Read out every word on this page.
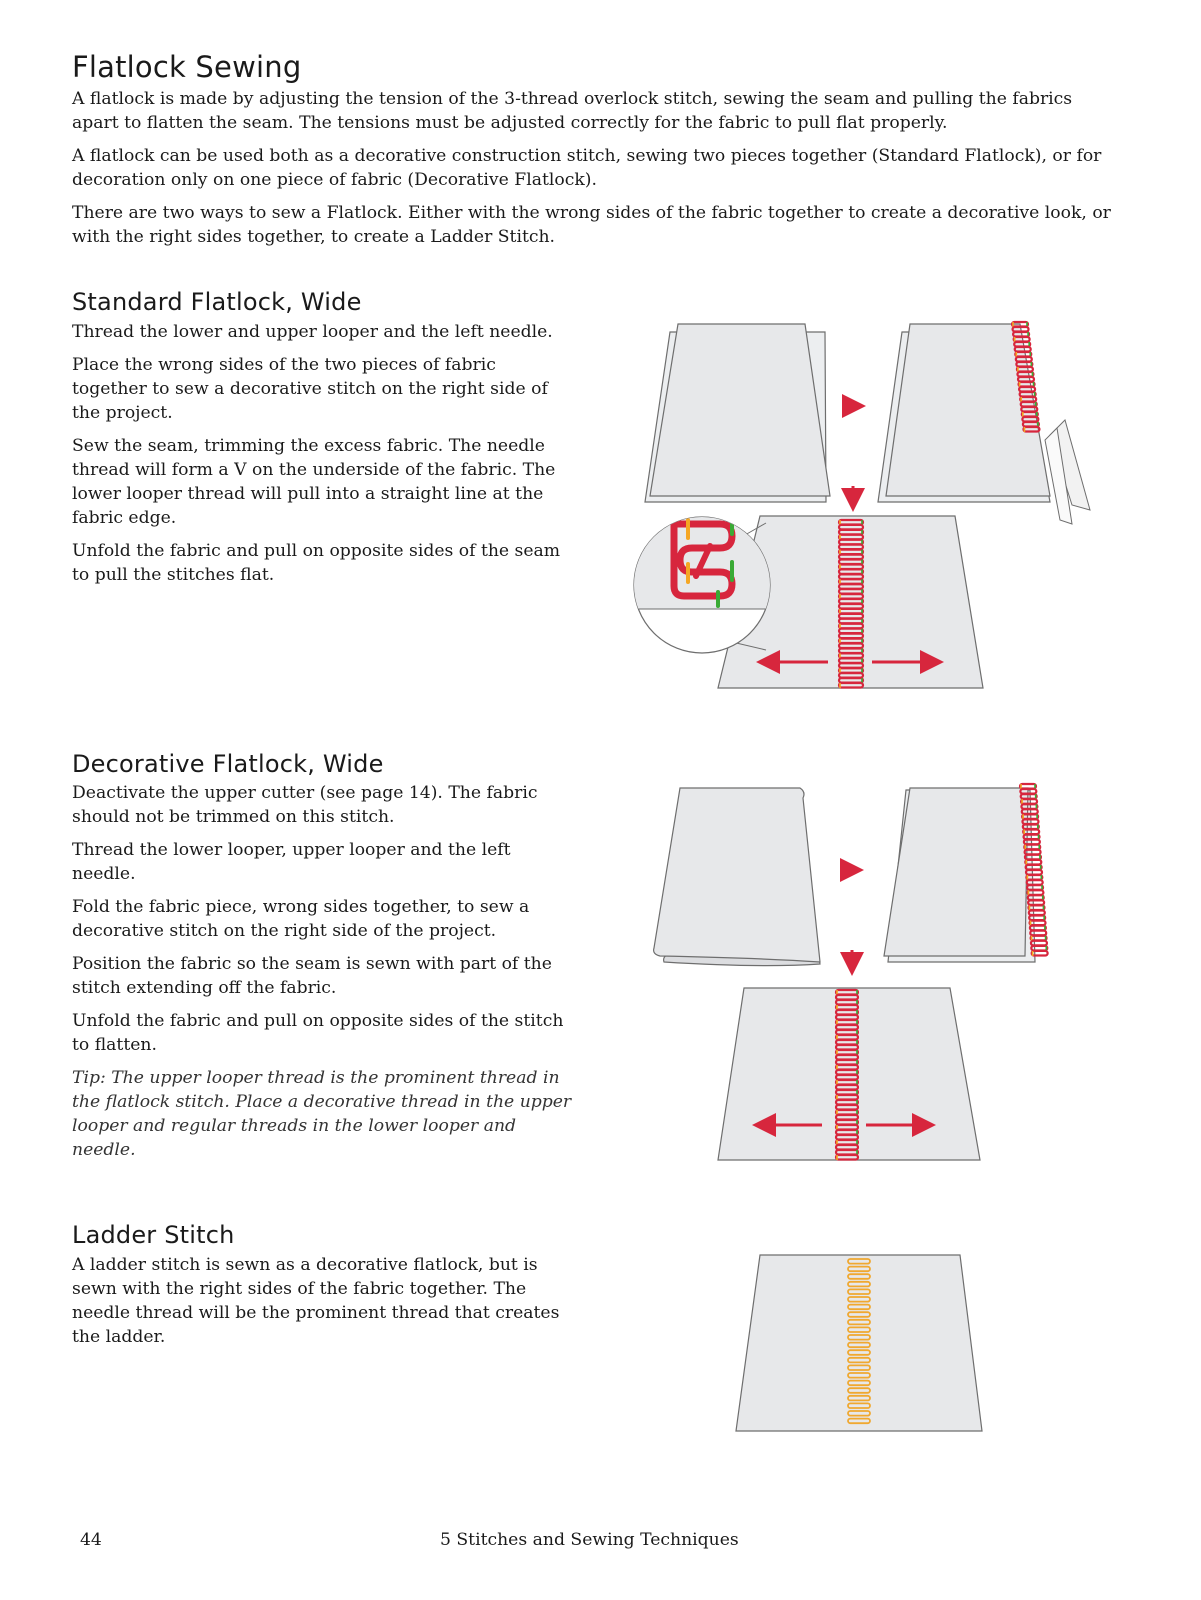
Flatlock Sewing

A flatlock is made by adjusting the tension of the 3-thread overlock stitch, sewing the seam and pulling the fabrics apart to flatten the seam. The tensions must be adjusted correctly for the fabric to pull flat properly.

A flatlock can be used both as a decorative construction stitch, sewing two pieces together (Standard Flatlock), or for decoration only on one piece of fabric (Decorative Flatlock).

There are two ways to sew a Flatlock. Either with the wrong sides of the fabric together to create a decorative look, or with the right sides together, to create a Ladder Stitch.

Standard Flatlock, Wide

Thread the lower and upper looper and the left needle.

Place the wrong sides of the two pieces of fabric together to sew a decorative stitch on the right side of the project.

Sew the seam, trimming the excess fabric. The needle thread will form a V on the underside of the fabric. The lower looper thread will pull into a straight line at the fabric edge.

Unfold the fabric and pull on opposite sides of the seam to pull the stitches flat.

Decorative Flatlock, Wide

Deactivate the upper cutter (see page 14). The fabric should not be trimmed on this stitch.

Thread the lower looper, upper looper and the left needle.

Fold the fabric piece, wrong sides together, to sew a decorative stitch on the right side of the project.

Position the fabric so the seam is sewn with part of the stitch extending off the fabric.

Unfold the fabric and pull on opposite sides of the stitch to flatten.

Tip: The upper looper thread is the prominent thread in the flatlock stitch. Place a decorative thread in the upper looper and regular threads in the lower looper and needle.

Ladder Stitch

A ladder stitch is sewn as a decorative flatlock, but is sewn with the right sides of the fabric together. The needle thread will be the prominent thread that creates the ladder.

44	5 Stitches and Sewing Techniques
